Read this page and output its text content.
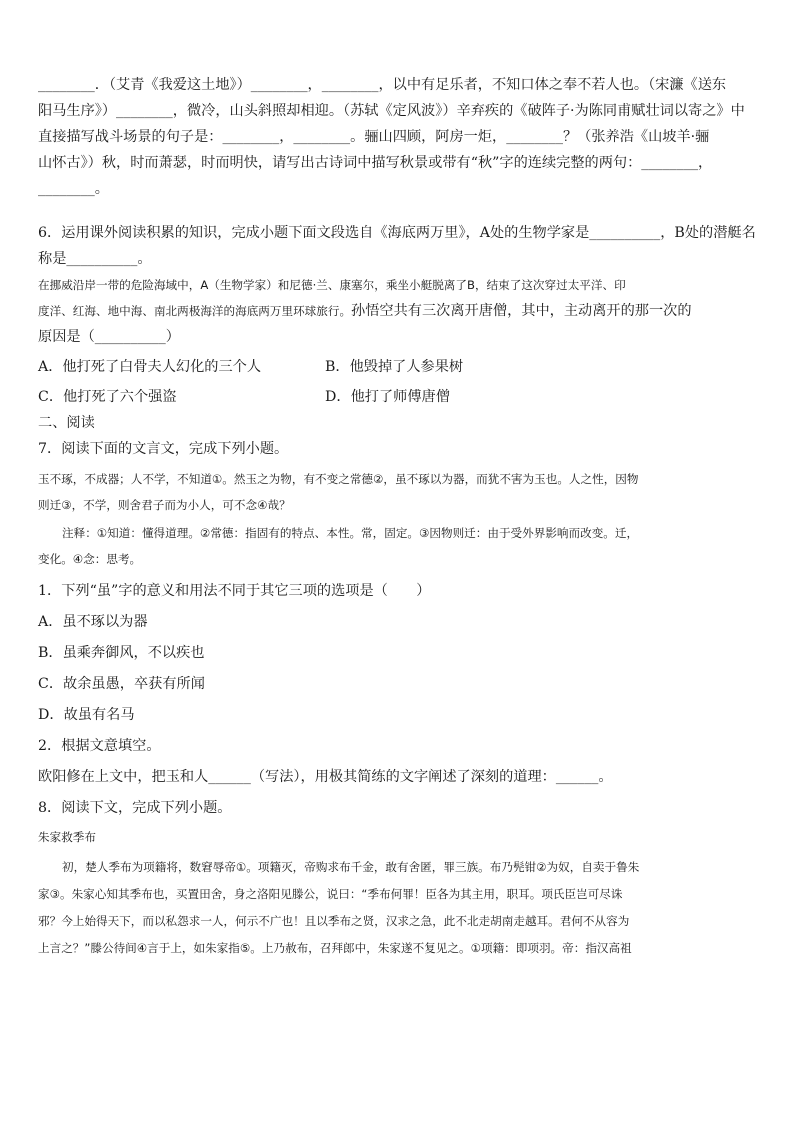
________．（艾青《我爱这土地》）________，________，以中有足乐者，不知口体之奉不若人也。（宋濂《送东

阳马生序》）________，微冷，山头斜照却相迎。（苏轼《定风波》）辛弃疾的《破阵子·为陈同甫赋壮词以寄之》中

直接描写战斗场景的句子是：________，________。骊山四顾，阿房一炬，________？（张养浩《山坡羊·骊

山怀古》）秋，时而萧瑟，时而明快，请写出古诗词中描写秋景或带有“秋”字的连续完整的两句：________，

________。

6．运用课外阅读积累的知识，完成小题下面文段选自《海底两万里》，A处的生物学家是__________，B处的潜艇名

称是__________。

在挪威沿岸一带的危险海域中，A（生物学家）和尼德·兰、康塞尔，乘坐小艇脱离了B，结束了这次穿过太平洋、印

度洋、红海、地中海、南北两极海洋的海底两万里环球旅行。孙悟空共有三次离开唐僧，其中，主动离开的那一次的

原因是（__________）

A．他打死了白骨夫人幻化的三个人	B．他毁掉了人参果树
C．他打死了六个强盗	D．他打了师傅唐僧

二、阅读

7．阅读下面的文言文，完成下列小题。

玉不琢，不成器；人不学，不知道①。然玉之为物，有不变之常德②，虽不琢以为器，而犹不害为玉也。人之性，因物

则迁③，不学，则舍君子而为小人，可不念④哉？

注释：①知道：懂得道理。②常德：指固有的特点、本性。常，固定。③因物则迁：由于受外界影响而改变。迁，

变化。④念：思考。

1．下列“虽”字的意义和用法不同于其它三项的选项是（　　）

A．虽不琢以为器

B．虽乘奔御风，不以疾也

C．故余虽愚，卒获有所闻

D．故虽有名马

2．根据文意填空。

欧阳修在上文中，把玉和人______（写法），用极其简练的文字阐述了深刻的道理：______。

8．阅读下文，完成下列小题。

朱家救季布

初，楚人季布为项籍将，数窘辱帝①。项籍灭，帝购求布千金，敢有舍匿，罪三族。布乃髡钳②为奴，自卖于鲁朱

家③。朱家心知其季布也，买置田舍，身之洛阳见滕公，说曰：“季布何罪！臣各为其主用，职耳。项氏臣岂可尽诛

邪？今上始得天下，而以私怨求一人，何示不广也！且以季布之贤，汉求之急，此不北走胡南走越耳。君何不从容为

上言之？”滕公待间④言于上，如朱家指⑤。上乃赦布，召拜郎中，朱家遂不复见之。①项籍：即项羽。帝：指汉高祖
